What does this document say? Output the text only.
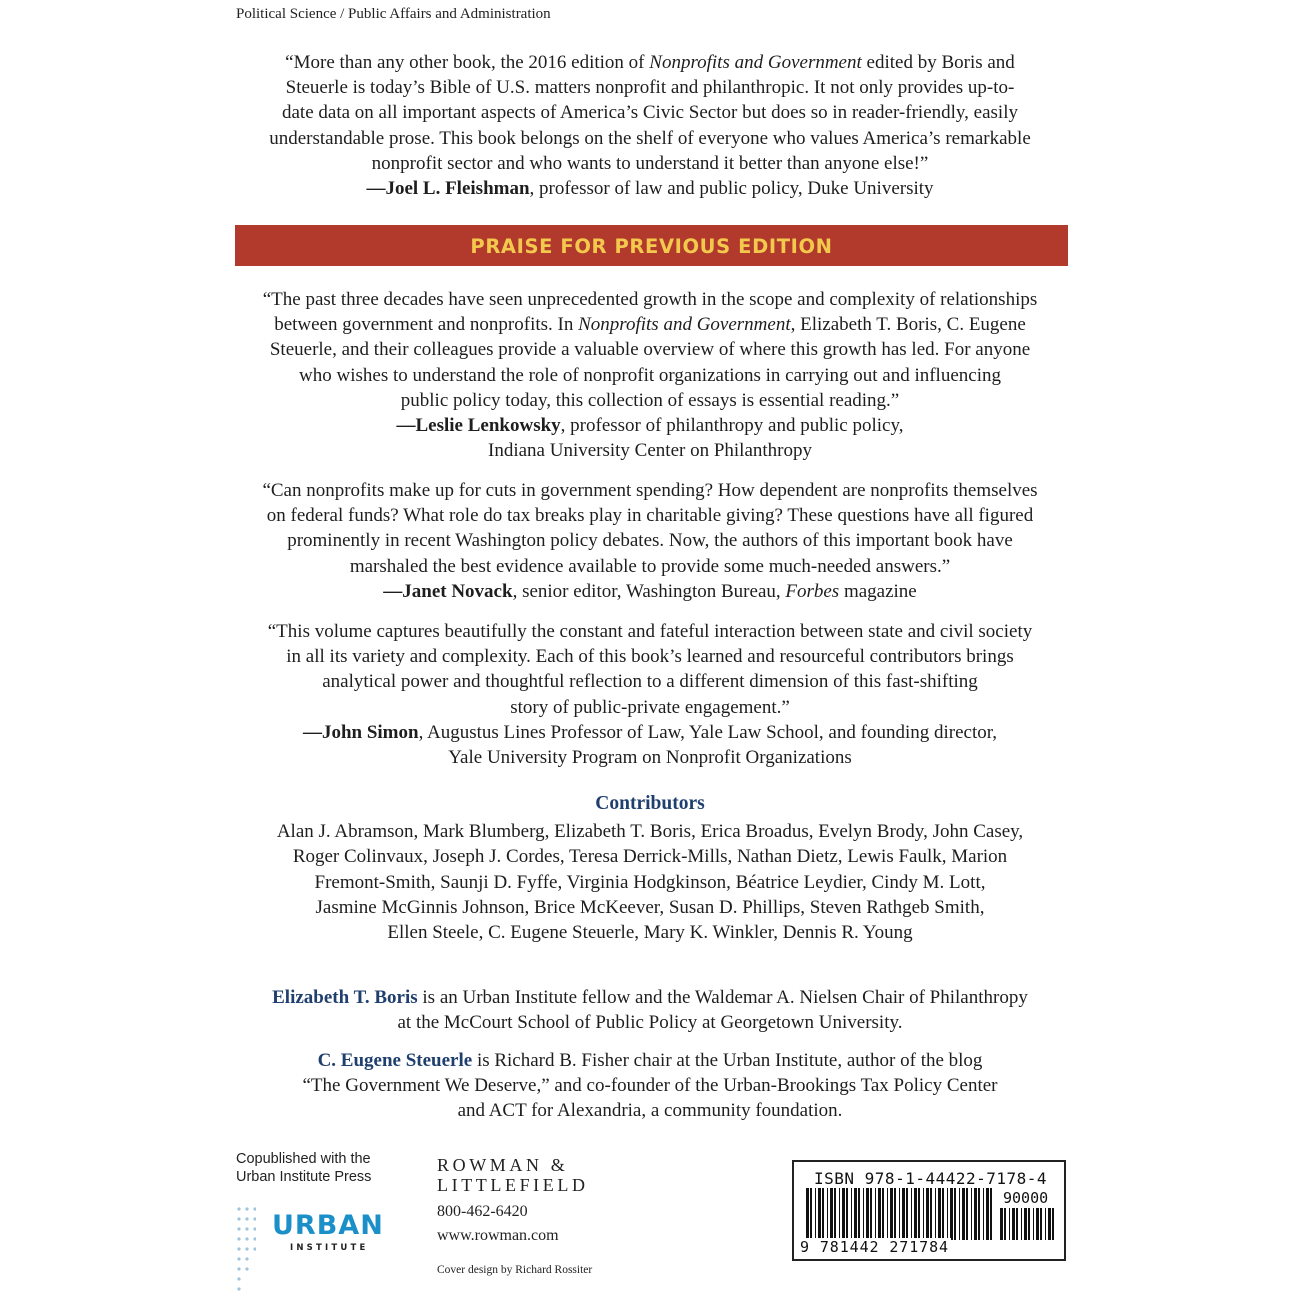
Political Science / Public Affairs and Administration

“More than any other book, the 2016 edition of Nonprofits and Government edited by Boris and

Steuerle is today’s Bible of U.S. matters nonprofit and philanthropic. It not only provides up-to-

date data on all important aspects of America’s Civic Sector but does so in reader-friendly, easily

understandable prose. This book belongs on the shelf of everyone who values America’s remarkable

nonprofit sector and who wants to understand it better than anyone else!”

—Joel L. Fleishman, professor of law and public policy, Duke University

PRAISE FOR PREVIOUS EDITION

“The past three decades have seen unprecedented growth in the scope and complexity of relationships

between government and nonprofits. In Nonprofits and Government, Elizabeth T. Boris, C. Eugene

Steuerle, and their colleagues provide a valuable overview of where this growth has led. For anyone

who wishes to understand the role of nonprofit organizations in carrying out and influencing

public policy today, this collection of essays is essential reading.”

—Leslie Lenkowsky, professor of philanthropy and public policy,

Indiana University Center on Philanthropy

“Can nonprofits make up for cuts in government spending? How dependent are nonprofits themselves

on federal funds? What role do tax breaks play in charitable giving? These questions have all figured

prominently in recent Washington policy debates. Now, the authors of this important book have

marshaled the best evidence available to provide some much-needed answers.”

—Janet Novack, senior editor, Washington Bureau, Forbes magazine

“This volume captures beautifully the constant and fateful interaction between state and civil society

in all its variety and complexity. Each of this book’s learned and resourceful contributors brings

analytical power and thoughtful reflection to a different dimension of this fast-shifting

story of public-private engagement.”

—John Simon, Augustus Lines Professor of Law, Yale Law School, and founding director,

Yale University Program on Nonprofit Organizations

Contributors
Alan J. Abramson, Mark Blumberg, Elizabeth T. Boris, Erica Broadus, Evelyn Brody, John Casey,
Roger Colinvaux, Joseph J. Cordes, Teresa Derrick-Mills, Nathan Dietz, Lewis Faulk, Marion
Fremont-Smith, Saunji D. Fyffe, Virginia Hodgkinson, Béatrice Leydier, Cindy M. Lott,
Jasmine McGinnis Johnson, Brice McKeever, Susan D. Phillips, Steven Rathgeb Smith,
Ellen Steele, C. Eugene Steuerle, Mary K. Winkler, Dennis R. Young
Elizabeth T. Boris is an Urban Institute fellow and the Waldemar A. Nielsen Chair of Philanthropy
at the McCourt School of Public Policy at Georgetown University.
C. Eugene Steuerle is Richard B. Fisher chair at the Urban Institute, author of the blog
“The Government We Deserve,” and co-founder of the Urban-Brookings Tax Policy Center
and ACT for Alexandria, a community foundation.
Copublished with the
Urban Institute Press
URBAN
INSTITUTE
ROWMAN &
LITTLEFIELD
800-462-6420
www.rowman.com
Cover design by Richard Rossiter
ISBN 978-1-44422-7178-4
90000
9 781442 271784
